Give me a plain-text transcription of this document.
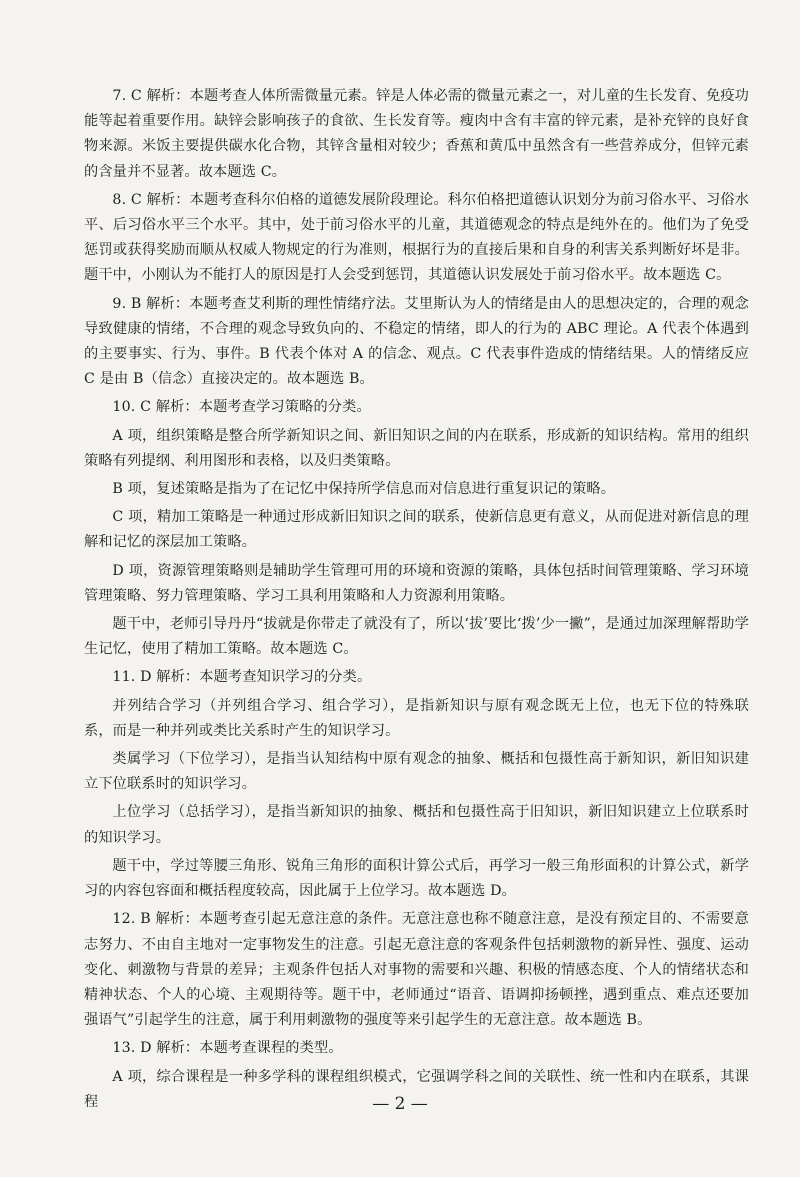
7. C 解析：本题考查人体所需微量元素。锌是人体必需的微量元素之一，对儿童的生长发育、免疫功能等起着重要作用。缺锌会影响孩子的食欲、生长发育等。瘦肉中含有丰富的锌元素，是补充锌的良好食物来源。米饭主要提供碳水化合物，其锌含量相对较少；香蕉和黄瓜中虽然含有一些营养成分，但锌元素的含量并不显著。故本题选 C。

8. C 解析：本题考查科尔伯格的道德发展阶段理论。科尔伯格把道德认识划分为前习俗水平、习俗水平、后习俗水平三个水平。其中，处于前习俗水平的儿童，其道德观念的特点是纯外在的。他们为了免受惩罚或获得奖励而顺从权威人物规定的行为准则，根据行为的直接后果和自身的利害关系判断好坏是非。题干中，小刚认为不能打人的原因是打人会受到惩罚，其道德认识发展处于前习俗水平。故本题选 C。

9. B 解析：本题考查艾利斯的理性情绪疗法。艾里斯认为人的情绪是由人的思想决定的，合理的观念导致健康的情绪，不合理的观念导致负向的、不稳定的情绪，即人的行为的 ABC 理论。A 代表个体遇到的主要事实、行为、事件。B 代表个体对 A 的信念、观点。C 代表事件造成的情绪结果。人的情绪反应 C 是由 B（信念）直接决定的。故本题选 B。

10. C 解析：本题考查学习策略的分类。

A 项，组织策略是整合所学新知识之间、新旧知识之间的内在联系，形成新的知识结构。常用的组织策略有列提纲、利用图形和表格，以及归类策略。

B 项，复述策略是指为了在记忆中保持所学信息而对信息进行重复识记的策略。

C 项，精加工策略是一种通过形成新旧知识之间的联系，使新信息更有意义，从而促进对新信息的理解和记忆的深层加工策略。

D 项，资源管理策略则是辅助学生管理可用的环境和资源的策略，具体包括时间管理策略、学习环境管理策略、努力管理策略、学习工具利用策略和人力资源利用策略。

题干中，老师引导丹丹“拔就是你带走了就没有了，所以‘拔’要比‘拨’少一撇”，是通过加深理解帮助学生记忆，使用了精加工策略。故本题选 C。

11. D 解析：本题考查知识学习的分类。

并列结合学习（并列组合学习、组合学习），是指新知识与原有观念既无上位，也无下位的特殊联系，而是一种并列或类比关系时产生的知识学习。

类属学习（下位学习），是指当认知结构中原有观念的抽象、概括和包摄性高于新知识，新旧知识建立下位联系时的知识学习。

上位学习（总括学习），是指当新知识的抽象、概括和包摄性高于旧知识，新旧知识建立上位联系时的知识学习。

题干中，学过等腰三角形、锐角三角形的面积计算公式后，再学习一般三角形面积的计算公式，新学习的内容包容面和概括程度较高，因此属于上位学习。故本题选 D。

12. B 解析：本题考查引起无意注意的条件。无意注意也称不随意注意，是没有预定目的、不需要意志努力、不由自主地对一定事物发生的注意。引起无意注意的客观条件包括刺激物的新异性、强度、运动变化、刺激物与背景的差异；主观条件包括人对事物的需要和兴趣、积极的情感态度、个人的情绪状态和精神状态、个人的心境、主观期待等。题干中，老师通过“语音、语调抑扬顿挫，遇到重点、难点还要加强语气”引起学生的注意，属于利用刺激物的强度等来引起学生的无意注意。故本题选 B。

13. D 解析：本题考查课程的类型。

A 项，综合课程是一种多学科的课程组织模式，它强调学科之间的关联性、统一性和内在联系，其课程	— 2 —
